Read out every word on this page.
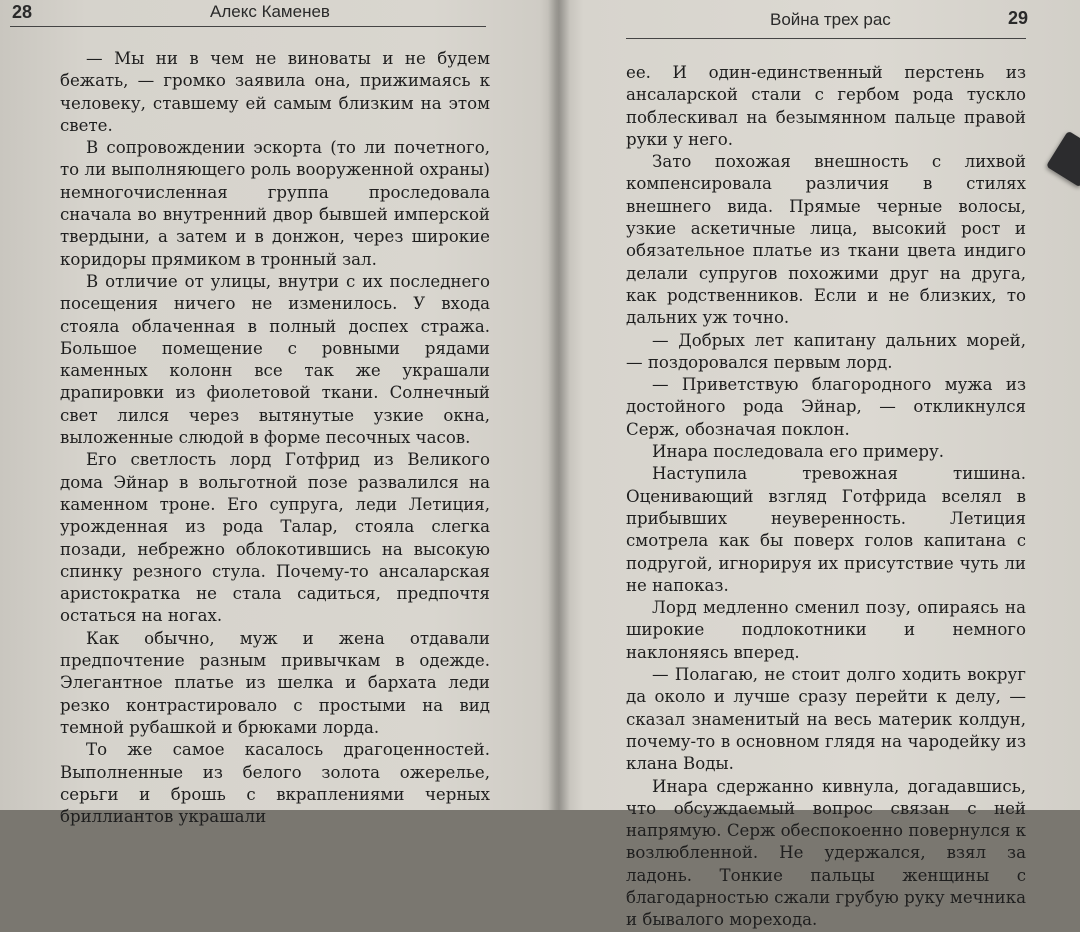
28	Алекс Каменев

— Мы ни в чем не виноваты и не будем бежать, — громко заявила она, прижимаясь к человеку, ставшему ей самым близким на этом свете.

В сопровождении эскорта (то ли почетного, то ли выполняющего роль вооруженной охраны) немногочисленная группа проследовала сначала во внутренний двор бывшей имперской твердыни, а затем и в донжон, через широкие коридоры прямиком в тронный зал.

В отличие от улицы, внутри с их последнего посещения ничего не изменилось. У входа стояла облаченная в полный доспех стража. Большое помещение с ровными рядами каменных колонн все так же украшали драпировки из фиолетовой ткани. Солнечный свет лился через вытянутые узкие окна, выложенные слюдой в форме песочных часов.

Его светлость лорд Готфрид из Великого дома Эйнар в вольготной позе развалился на каменном троне. Его супруга, леди Летиция, урожденная из рода Талар, стояла слегка позади, небрежно облокотившись на высокую спинку резного стула. Почему-то ансаларская аристократка не стала садиться, предпочтя остаться на ногах.

Как обычно, муж и жена отдавали предпочтение разным привычкам в одежде. Элегантное платье из шелка и бархата леди резко контрастировало с простыми на вид темной рубашкой и брюками лорда.

То же самое касалось драгоценностей. Выполненные из белого золота ожерелье, серьги и брошь с вкраплениями черных бриллиантов украшали

Война трех рас	29

ее. И один-единственный перстень из ансаларской стали с гербом рода тускло поблескивал на безымянном пальце правой руки у него.

Зато похожая внешность с лихвой компенсировала различия в стилях внешнего вида. Прямые черные волосы, узкие аскетичные лица, высокий рост и обязательное платье из ткани цвета индиго делали супругов похожими друг на друга, как родственников. Если и не близких, то дальних уж точно.

— Добрых лет капитану дальних морей, — поздоровался первым лорд.

— Приветствую благородного мужа из достойного рода Эйнар, — откликнулся Серж, обозначая поклон.

Инара последовала его примеру.

Наступила тревожная тишина. Оценивающий взгляд Готфрида вселял в прибывших неуверенность. Летиция смотрела как бы поверх голов капитана с подругой, игнорируя их присутствие чуть ли не напоказ.

Лорд медленно сменил позу, опираясь на широкие подлокотники и немного наклоняясь вперед.

— Полагаю, не стоит долго ходить вокруг да около и лучше сразу перейти к делу, — сказал знаменитый на весь материк колдун, почему-то в основном глядя на чародейку из клана Воды.

Инара сдержанно кивнула, догадавшись, что обсуждаемый вопрос связан с ней напрямую. Серж обеспокоенно повернулся к возлюбленной. Не удержался, взял за ладонь. Тонкие пальцы женщины с благодарностью сжали грубую руку мечника и бывалого морехода.
